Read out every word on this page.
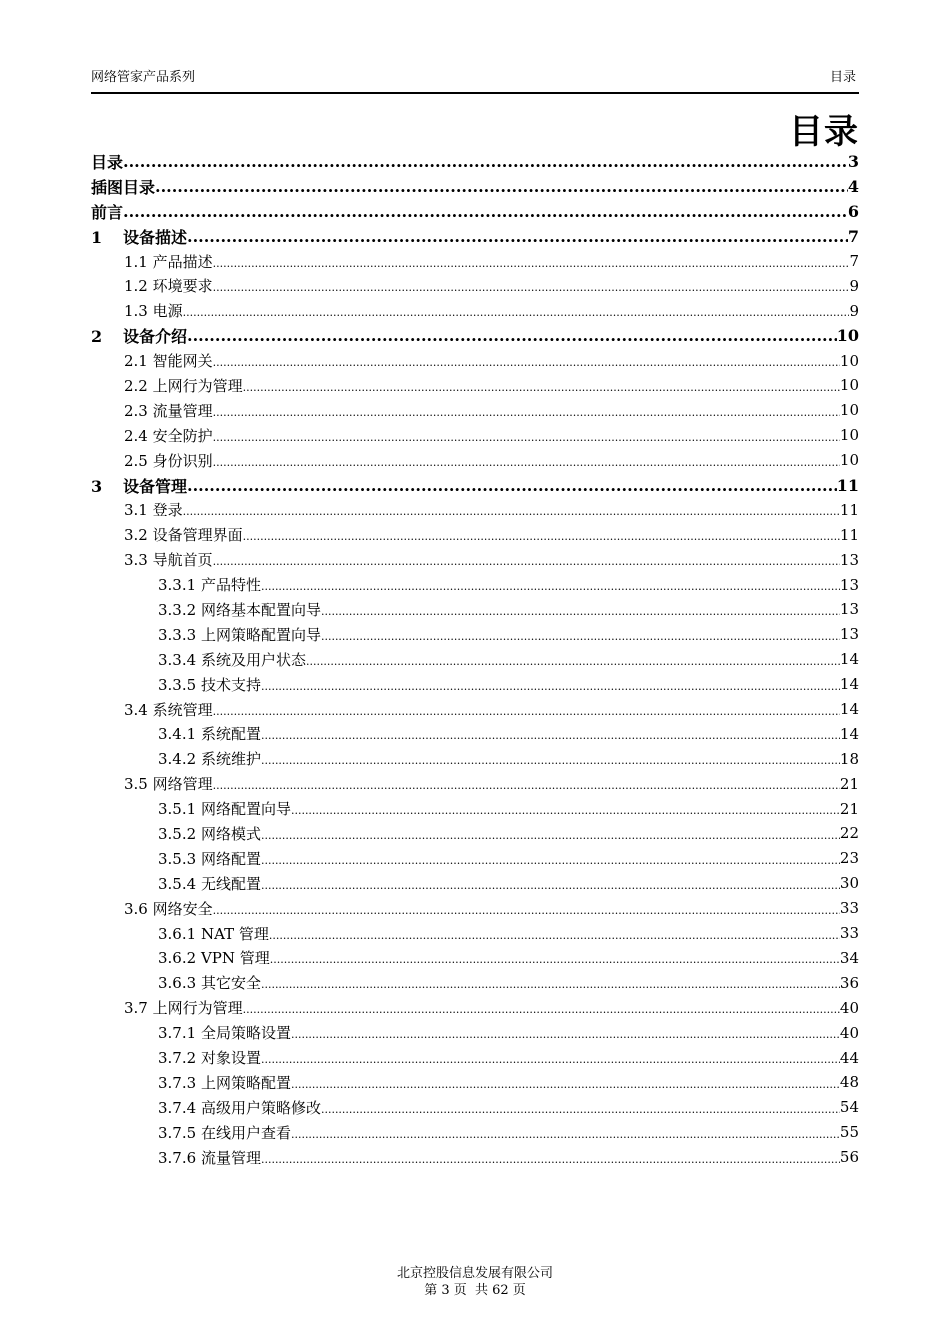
网络管家产品系列	目录
目录
目录 .....	3
插图目录 .....	4
前言 .....	6
1 设备描述 .....	7
1.1 产品描述 .....	7
1.2 环境要求 .....	9
1.3 电源 .....	9
2 设备介绍 .....	10
2.1 智能网关 .....	10
2.2 上网行为管理 .....	10
2.3 流量管理 .....	10
2.4 安全防护 .....	10
2.5 身份识别 .....	10
3 设备管理 .....	11
3.1 登录 .....	11
3.2 设备管理界面 .....	11
3.3 导航首页 .....	13
3.3.1 产品特性 .....	13
3.3.2 网络基本配置向导 .....	13
3.3.3 上网策略配置向导 .....	13
3.3.4 系统及用户状态 .....	14
3.3.5 技术支持 .....	14
3.4 系统管理 .....	14
3.4.1 系统配置 .....	14
3.4.2 系统维护 .....	18
3.5 网络管理 .....	21
3.5.1 网络配置向导 .....	21
3.5.2 网络模式 .....	22
3.5.3 网络配置 .....	23
3.5.4 无线配置 .....	30
3.6 网络安全 .....	33
3.6.1 NAT 管理 .....	33
3.6.2 VPN 管理 .....	34
3.6.3 其它安全 .....	36
3.7 上网行为管理 .....	40
3.7.1 全局策略设置 .....	40
3.7.2 对象设置 .....	44
3.7.3 上网策略配置 .....	48
3.7.4 高级用户策略修改 .....	54
3.7.5 在线用户查看 .....	55
3.7.6 流量管理 .....	56
北京控股信息发展有限公司
第 3 页  共 62 页
